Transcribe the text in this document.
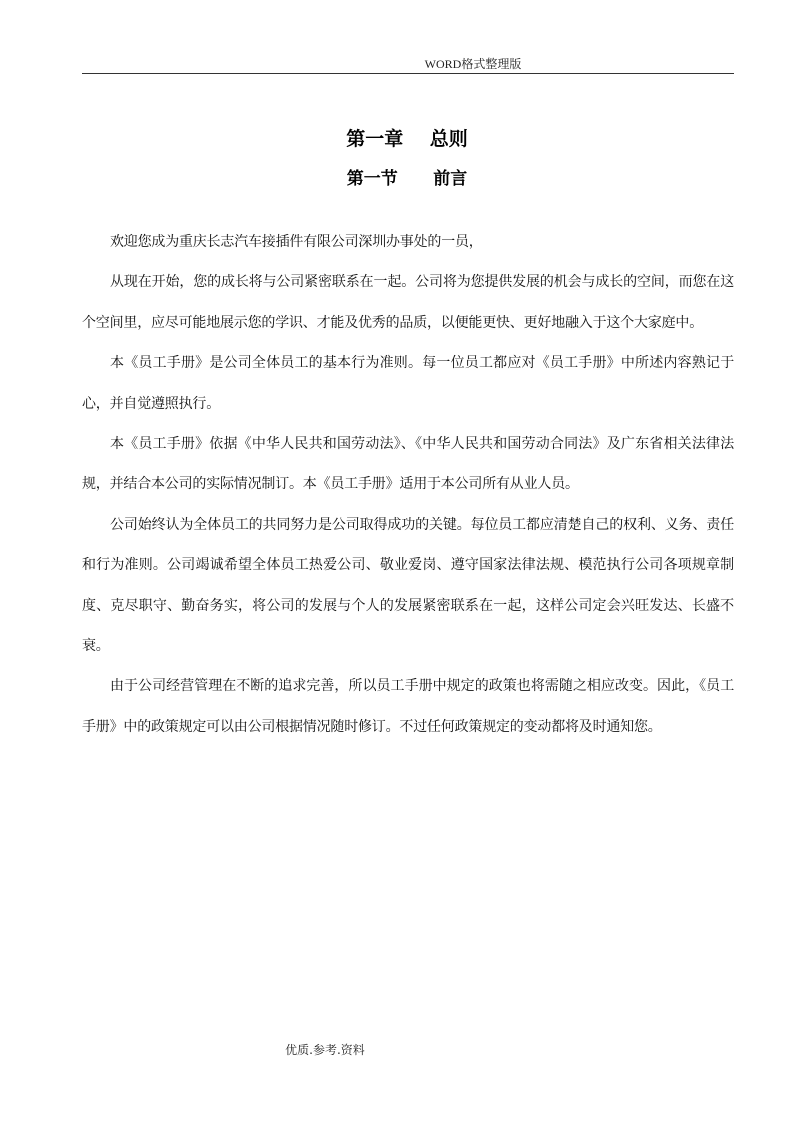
WORD格式整理版
第一章    总则
第一节      前言

欢迎您成为重庆长志汽车接插件有限公司深圳办事处的一员，

从现在开始，您的成长将与公司紧密联系在一起。公司将为您提供发展的机会与成长的空间，而您在这个空间里，应尽可能地展示您的学识、才能及优秀的品质，以便能更快、更好地融入于这个大家庭中。

本《员工手册》是公司全体员工的基本行为准则。每一位员工都应对《员工手册》中所述内容熟记于心，并自觉遵照执行。

本《员工手册》依据《中华人民共和国劳动法》、《中华人民共和国劳动合同法》及广东省相关法律法规，并结合本公司的实际情况制订。本《员工手册》适用于本公司所有从业人员。

公司始终认为全体员工的共同努力是公司取得成功的关键。每位员工都应清楚自己的权利、义务、责任和行为准则。公司竭诚希望全体员工热爱公司、敬业爱岗、遵守国家法律法规、模范执行公司各项规章制度、克尽职守、勤奋务实，将公司的发展与个人的发展紧密联系在一起，这样公司定会兴旺发达、长盛不衰。

由于公司经营管理在不断的追求完善，所以员工手册中规定的政策也将需随之相应改变。因此，《员工手册》中的政策规定可以由公司根据情况随时修订。不过任何政策规定的变动都将及时通知您。

优质.参考.资料
